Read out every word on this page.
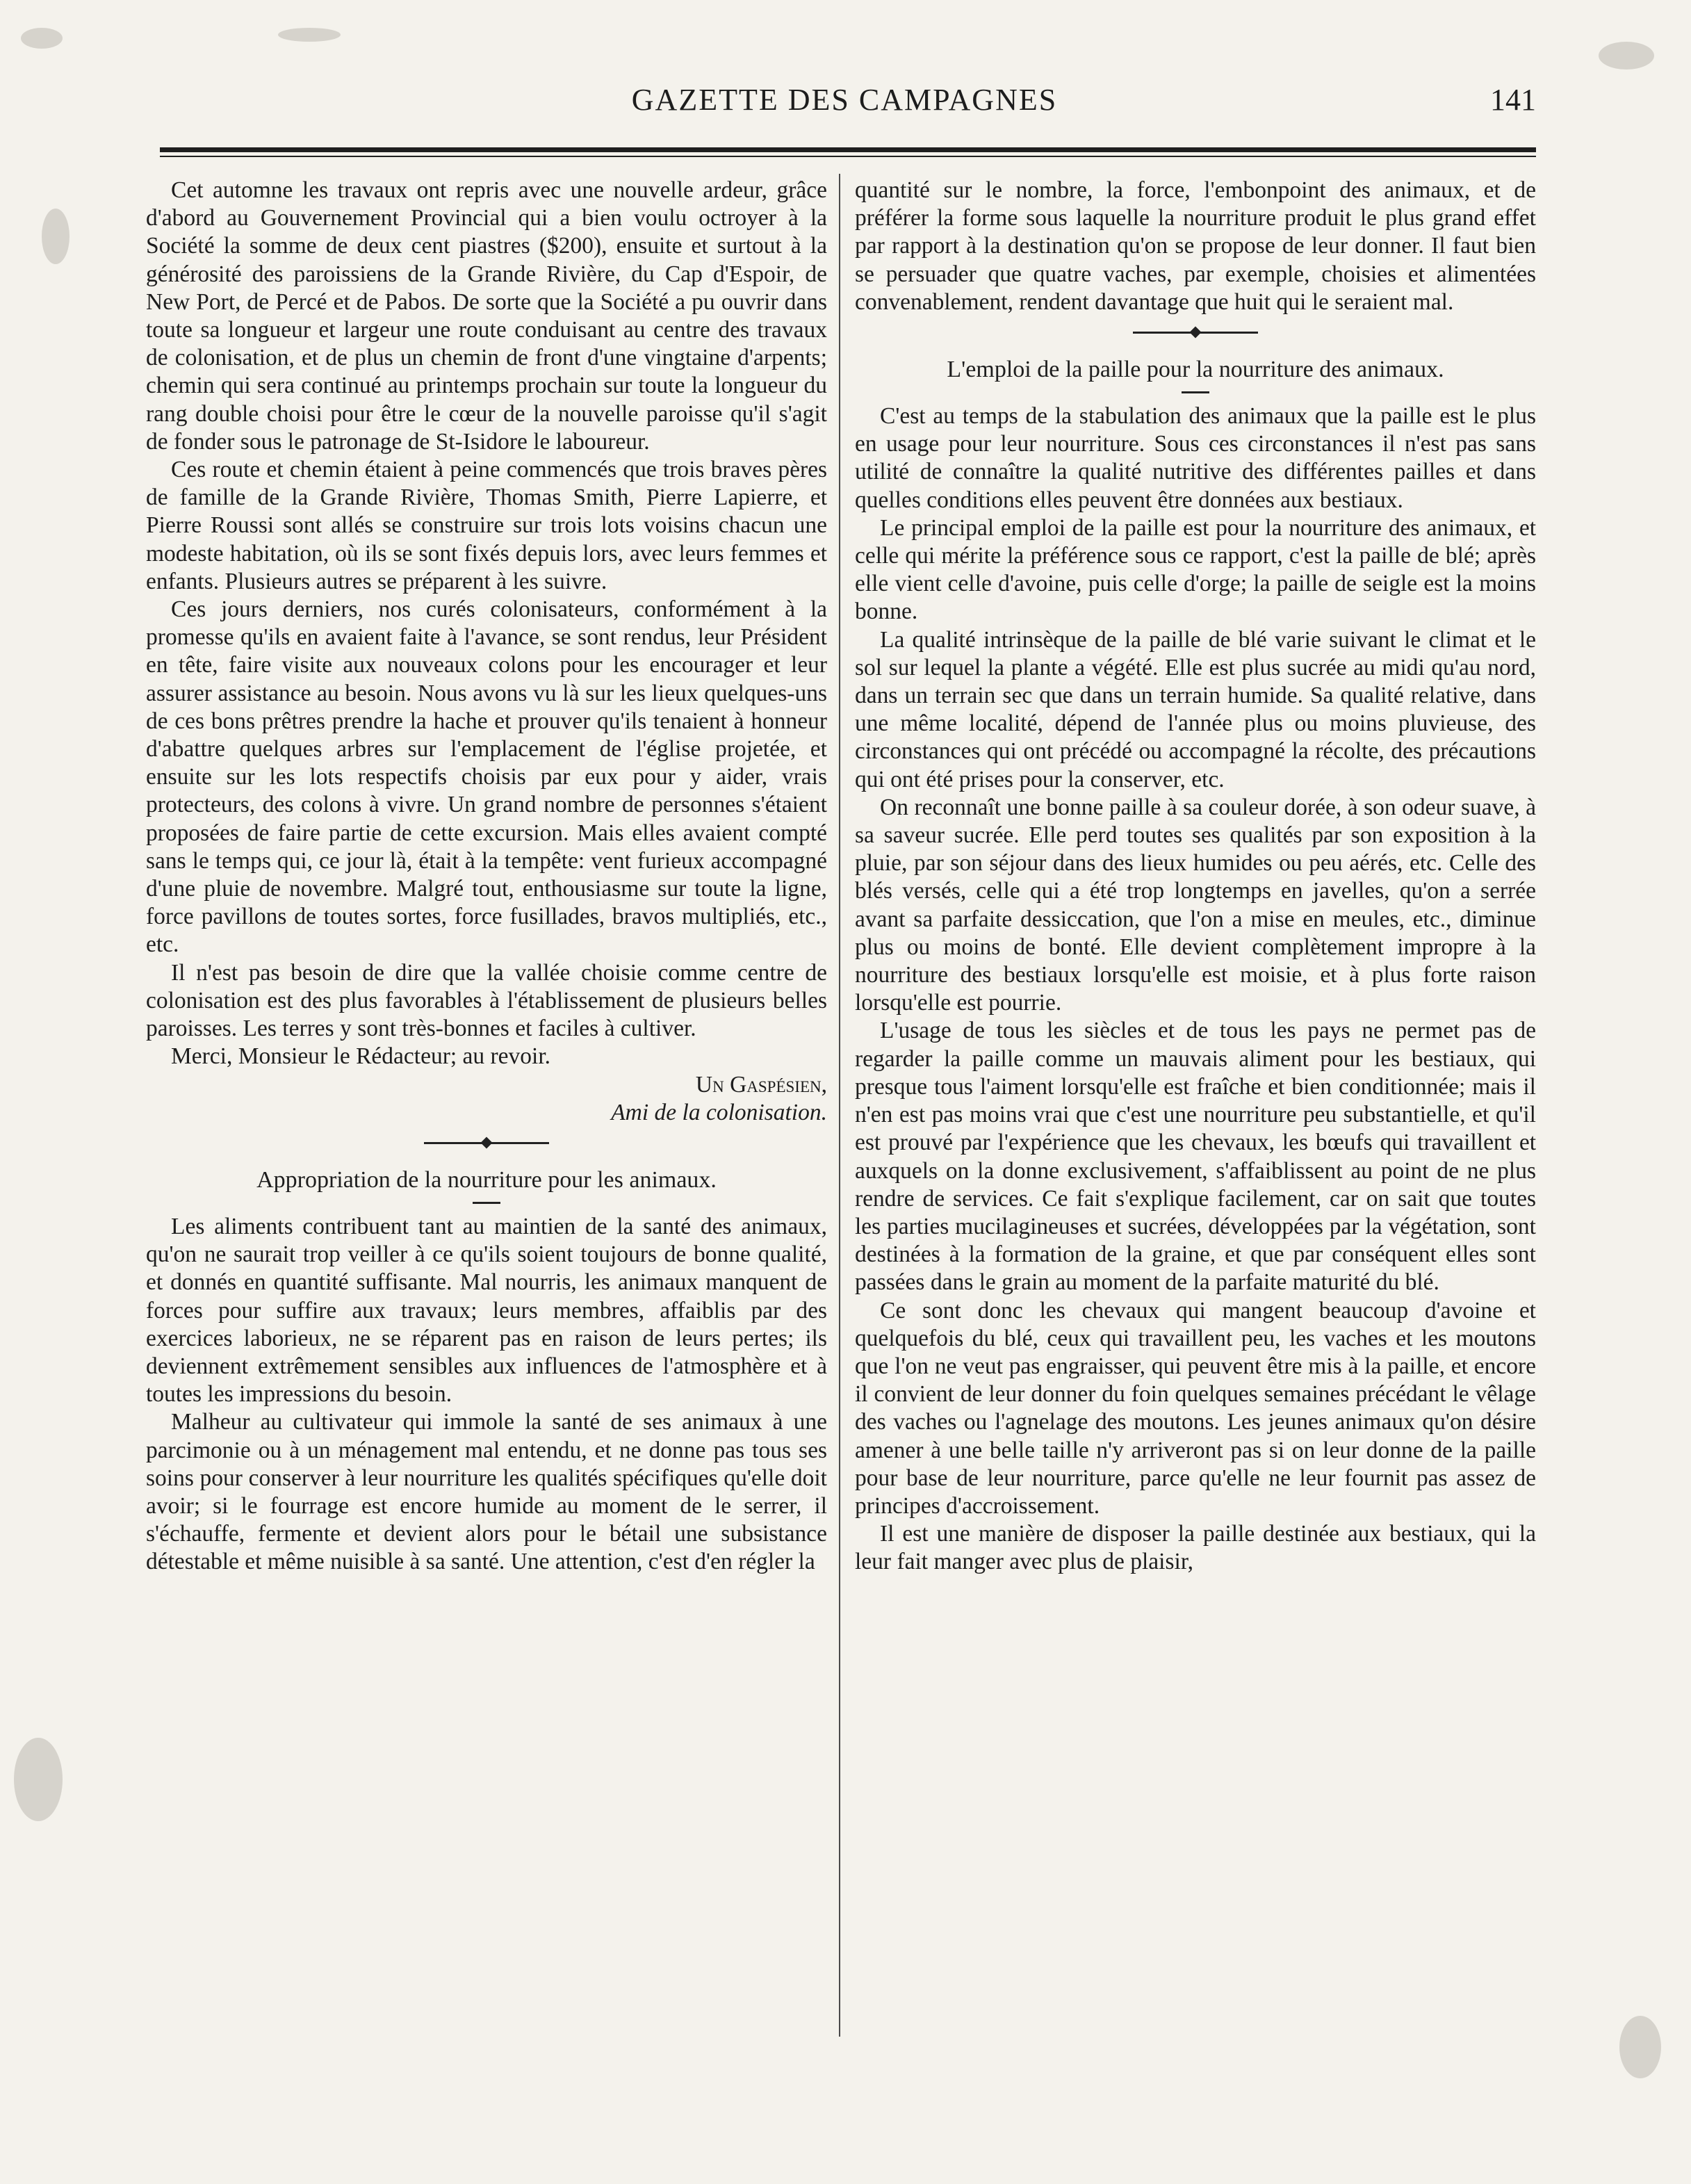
GAZETTE DES CAMPAGNES	141

Cet automne les travaux ont repris avec une nouvelle ardeur, grâce d'abord au Gouvernement Provincial qui a bien voulu octroyer à la Société la somme de deux cent piastres ($200), ensuite et surtout à la générosité des paroissiens de la Grande Rivière, du Cap d'Espoir, de New Port, de Percé et de Pabos. De sorte que la Société a pu ouvrir dans toute sa longueur et largeur une route conduisant au centre des travaux de colonisation, et de plus un chemin de front d'une vingtaine d'arpents; chemin qui sera continué au printemps prochain sur toute la longueur du rang double choisi pour être le cœur de la nouvelle paroisse qu'il s'agit de fonder sous le patronage de St-Isidore le laboureur.

Ces route et chemin étaient à peine commencés que trois braves pères de famille de la Grande Rivière, Thomas Smith, Pierre Lapierre, et Pierre Roussi sont allés se construire sur trois lots voisins chacun une modeste habitation, où ils se sont fixés depuis lors, avec leurs femmes et enfants. Plusieurs autres se préparent à les suivre.

Ces jours derniers, nos curés colonisateurs, conformément à la promesse qu'ils en avaient faite à l'avance, se sont rendus, leur Président en tête, faire visite aux nouveaux colons pour les encourager et leur assurer assistance au besoin. Nous avons vu là sur les lieux quelques-uns de ces bons prêtres prendre la hache et prouver qu'ils tenaient à honneur d'abattre quelques arbres sur l'emplacement de l'église projetée, et ensuite sur les lots respectifs choisis par eux pour y aider, vrais protecteurs, des colons à vivre. Un grand nombre de personnes s'étaient proposées de faire partie de cette excursion. Mais elles avaient compté sans le temps qui, ce jour là, était à la tempête: vent furieux accompagné d'une pluie de novembre. Malgré tout, enthousiasme sur toute la ligne, force pavillons de toutes sortes, force fusillades, bravos multipliés, etc., etc.

Il n'est pas besoin de dire que la vallée choisie comme centre de colonisation est des plus favorables à l'établissement de plusieurs belles paroisses. Les terres y sont très-bonnes et faciles à cultiver.

Merci, Monsieur le Rédacteur; au revoir.

Un Gaspésien,

Ami de la colonisation.

Appropriation de la nourriture pour les animaux.

Les aliments contribuent tant au maintien de la santé des animaux, qu'on ne saurait trop veiller à ce qu'ils soient toujours de bonne qualité, et donnés en quantité suffisante. Mal nourris, les animaux manquent de forces pour suffire aux travaux; leurs membres, affaiblis par des exercices laborieux, ne se réparent pas en raison de leurs pertes; ils deviennent extrêmement sensibles aux influences de l'atmosphère et à toutes les impressions du besoin.

Malheur au cultivateur qui immole la santé de ses animaux à une parcimonie ou à un ménagement mal entendu, et ne donne pas tous ses soins pour conserver à leur nourriture les qualités spécifiques qu'elle doit avoir; si le fourrage est encore humide au moment de le serrer, il s'échauffe, fermente et devient alors pour le bétail une subsistance détestable et même nuisible à sa santé. Une attention, c'est d'en régler la

quantité sur le nombre, la force, l'embonpoint des animaux, et de préférer la forme sous laquelle la nourriture produit le plus grand effet par rapport à la destination qu'on se propose de leur donner. Il faut bien se persuader que quatre vaches, par exemple, choisies et alimentées convenablement, rendent davantage que huit qui le seraient mal.

L'emploi de la paille pour la nourriture des animaux.

C'est au temps de la stabulation des animaux que la paille est le plus en usage pour leur nourriture. Sous ces circonstances il n'est pas sans utilité de connaître la qualité nutritive des différentes pailles et dans quelles conditions elles peuvent être données aux bestiaux.

Le principal emploi de la paille est pour la nourriture des animaux, et celle qui mérite la préférence sous ce rapport, c'est la paille de blé; après elle vient celle d'avoine, puis celle d'orge; la paille de seigle est la moins bonne.

La qualité intrinsèque de la paille de blé varie suivant le climat et le sol sur lequel la plante a végété. Elle est plus sucrée au midi qu'au nord, dans un terrain sec que dans un terrain humide. Sa qualité relative, dans une même localité, dépend de l'année plus ou moins pluvieuse, des circonstances qui ont précédé ou accompagné la récolte, des précautions qui ont été prises pour la conserver, etc.

On reconnaît une bonne paille à sa couleur dorée, à son odeur suave, à sa saveur sucrée. Elle perd toutes ses qualités par son exposition à la pluie, par son séjour dans des lieux humides ou peu aérés, etc. Celle des blés versés, celle qui a été trop longtemps en javelles, qu'on a serrée avant sa parfaite dessiccation, que l'on a mise en meules, etc., diminue plus ou moins de bonté. Elle devient complètement impropre à la nourriture des bestiaux lorsqu'elle est moisie, et à plus forte raison lorsqu'elle est pourrie.

L'usage de tous les siècles et de tous les pays ne permet pas de regarder la paille comme un mauvais aliment pour les bestiaux, qui presque tous l'aiment lorsqu'elle est fraîche et bien conditionnée; mais il n'en est pas moins vrai que c'est une nourriture peu substantielle, et qu'il est prouvé par l'expérience que les chevaux, les bœufs qui travaillent et auxquels on la donne exclusivement, s'affaiblissent au point de ne plus rendre de services. Ce fait s'explique facilement, car on sait que toutes les parties mucilagineuses et sucrées, développées par la végétation, sont destinées à la formation de la graine, et que par conséquent elles sont passées dans le grain au moment de la parfaite maturité du blé.

Ce sont donc les chevaux qui mangent beaucoup d'avoine et quelquefois du blé, ceux qui travaillent peu, les vaches et les moutons que l'on ne veut pas engraisser, qui peuvent être mis à la paille, et encore il convient de leur donner du foin quelques semaines précédant le vêlage des vaches ou l'agnelage des moutons. Les jeunes animaux qu'on désire amener à une belle taille n'y arriveront pas si on leur donne de la paille pour base de leur nourriture, parce qu'elle ne leur fournit pas assez de principes d'accroissement.

Il est une manière de disposer la paille destinée aux bestiaux, qui la leur fait manger avec plus de plaisir,
